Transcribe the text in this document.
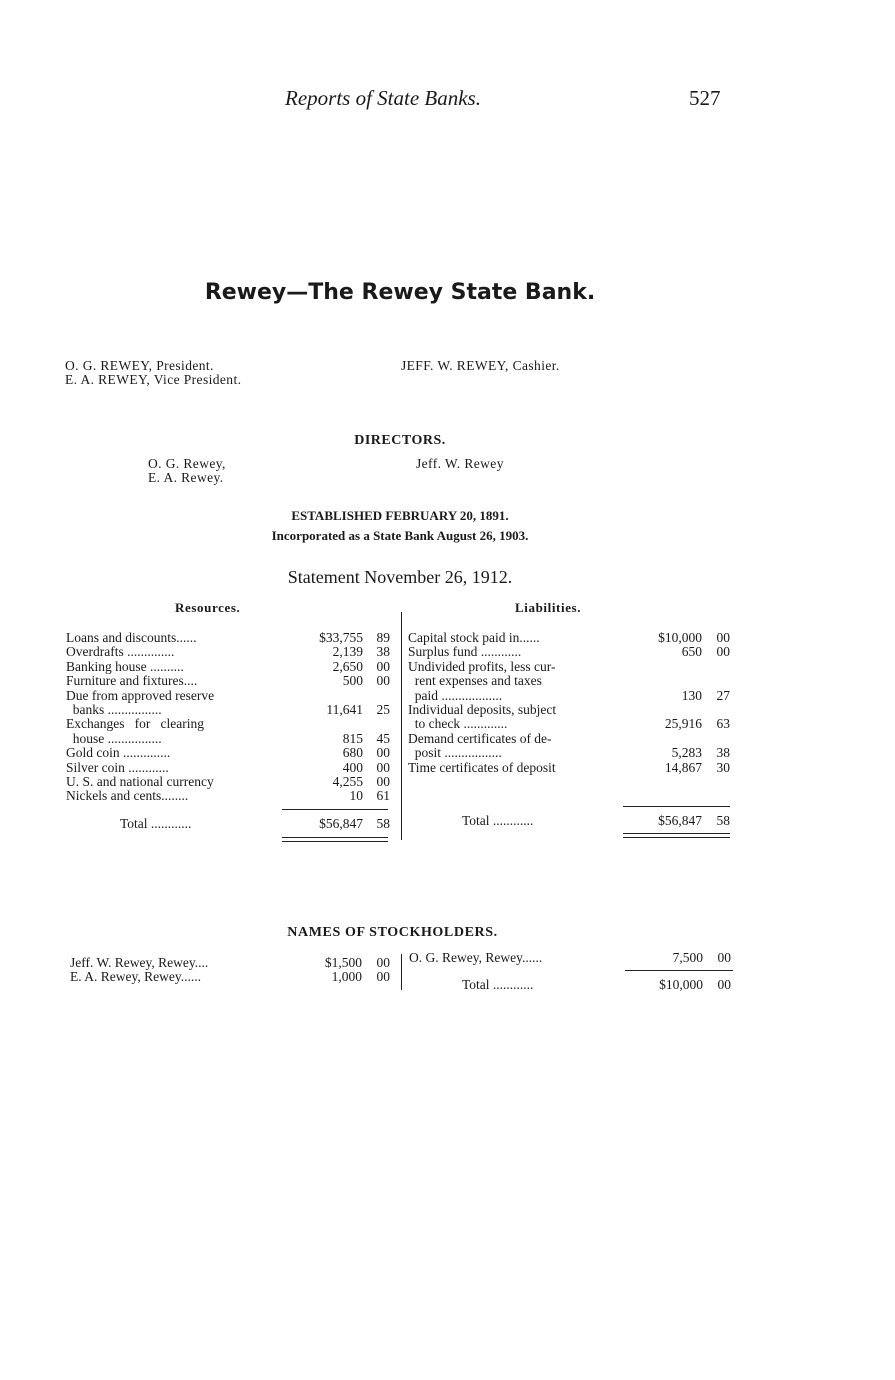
Reports of State Banks.	527
Rewey—The Rewey State Bank.
O. G. REWEY, President.
E. A. REWEY, Vice President.
JEFF. W. REWEY, Cashier.
DIRECTORS.
O. G. Rewey,
E. A. Rewey.
Jeff. W. Rewey
ESTABLISHED FEBRUARY 20, 1891.
Incorporated as a State Bank August 26, 1903.
Statement November 26, 1912.
Resources.	Liabilities.
Loans and discounts......	$33,755	89
Overdrafts ..............	2,139	38
Banking house ..........	2,650	00
Furniture and fixtures....	500	00
Due from approved reserve
banks ................	11,641	25
Exchanges   for   clearing
house ................	815	45
Gold coin ..............	680	00
Silver coin ............	400	00
U. S. and national currency	4,255	00
Nickels and cents........	10	61
Total ............	$56,847	58
Capital stock paid in......	$10,000	00
Surplus fund ............	650	00
Undivided profits, less cur-
rent expenses and taxes
paid ..................	130	27
Individual deposits, subject
to check .............	25,916	63
Demand certificates of de-
posit .................	5,283	38
Time certificates of deposit	14,867	30
Total ............	$56,847	58
NAMES OF STOCKHOLDERS.
Jeff. W. Rewey, Rewey....	$1,500	00
E. A. Rewey, Rewey......	1,000	00
O. G. Rewey, Rewey......	7,500	00
Total ............	$10,000	00
